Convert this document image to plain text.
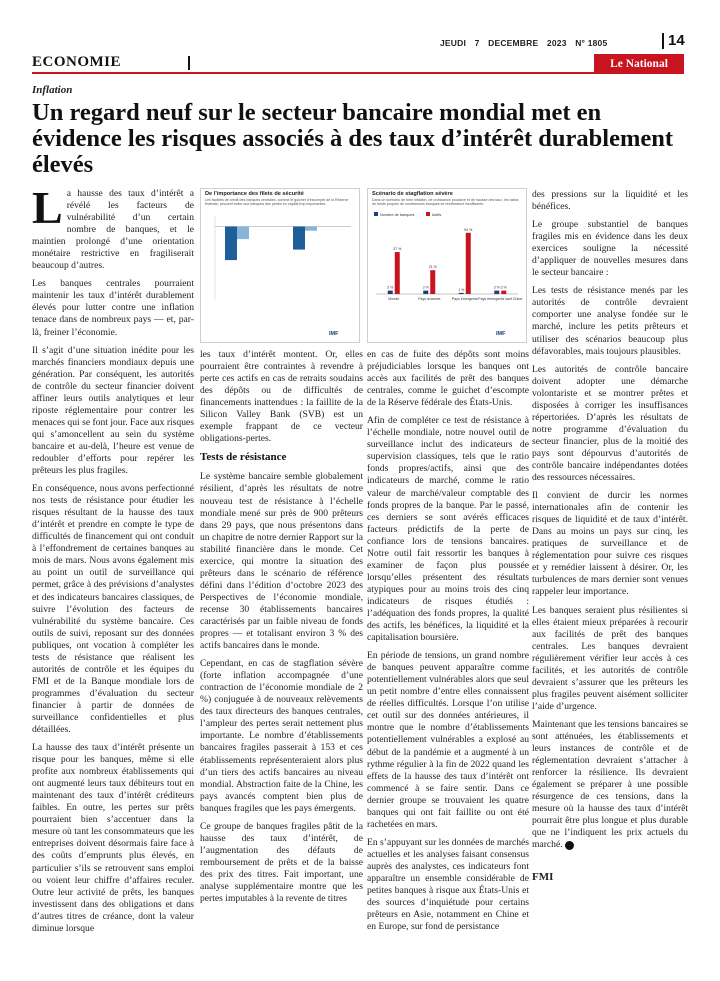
JEUDI 7 DECEMBRE 2023 N° 1805	14
ECONOMIE	Le National
Inflation
Un regard neuf sur le secteur bancaire mondial met en évidence les risques associés à des taux d’intérêt durablement élevés

La hausse des taux d’intérêt a révélé les facteurs de vulnérabilité d’un certain nombre de banques, et le maintien prolongé d’une orientation monétaire restrictive en fragiliserait beaucoup d’autres.

Les banques centrales pourraient maintenir les taux d’intérêt durablement élevés pour lutter contre une inflation tenace dans de nombreux pays — et, par-là, freiner l’économie.

Il s’agit d’une situation inédite pour les marchés financiers mondiaux depuis une génération. Par conséquent, les autorités de contrôle du secteur financier doivent affiner leurs outils analytiques et leur riposte réglementaire pour contrer les menaces qui se font jour. Face aux risques qui s’amoncellent au sein du système bancaire et au-delà, l’heure est venue de redoubler d’efforts pour repérer les prêteurs les plus fragiles.

En conséquence, nous avons perfectionné nos tests de résistance pour étudier les risques résultant de la hausse des taux d’intérêt et prendre en compte le type de difficultés de financement qui ont conduit à l’effondrement de certaines banques au mois de mars. Nous avons également mis au point un outil de surveillance qui permet, grâce à des prévisions d’analystes et des indicateurs bancaires classiques, de suivre l’évolution des facteurs de vulnérabilité du système bancaire. Ces outils de suivi, reposant sur des données publiques, ont vocation à compléter les tests de résistance que réalisent les autorités de contrôle et les équipes du FMI et de la Banque mondiale lors de programmes d’évaluation du secteur financier à partir de données de surveillance confidentielles et plus détaillées.

La hausse des taux d’intérêt présente un risque pour les banques, même si elle profite aux nombreux établissements qui ont augmenté leurs taux débiteurs tout en maintenant des taux d’intérêt créditeurs faibles. En outre, les pertes sur prêts pourraient bien s’accentuer dans la mesure où tant les consommateurs que les entreprises doivent désormais faire face à des coûts d’emprunts plus élevés, en particulier s’ils se retrouvent sans emploi ou voient leur chiffre d’affaires reculer. Outre leur activité de prêts, les banques investissent dans des obligations et dans d’autres titres de créance, dont la valeur diminue lorsque

De l’importance des filets de sécurité
Les facilités de crédit des banques centrales, comme le guichet d’escompte de la Réserve fédérale, peuvent éviter aux banques des pertes en capital trop importantes.
IMF

les taux d’intérêt montent. Or, elles pourraient être contraintes à revendre à perte ces actifs en cas de retraits soudains des dépôts ou de difficultés de financements inattendues : la faillite de la Silicon Valley Bank (SVB) est un exemple frappant de ce vecteur obligations-pertes.

Tests de résistance

Le système bancaire semble globalement résilient, d’après les résultats de notre nouveau test de résistance à l’échelle mondiale mené sur près de 900 prêteurs dans 29 pays, que nous présentons dans un chapitre de notre dernier Rapport sur la stabilité financière dans le monde. Cet exercice, qui montre la situation des prêteurs dans le scénario de référence défini dans l’édition d’octobre 2023 des Perspectives de l’économie mondiale, recense 30 établissements bancaires caractérisés par un faible niveau de fonds propres — et totalisant environ 3 % des actifs bancaires dans le monde.

Cependant, en cas de stagflation sévère (forte inflation accompagnée d’une contraction de l’économie mondiale de 2 %) conjuguée à de nouveaux relèvements des taux directeurs des banques centrales, l’ampleur des pertes serait nettement plus importante. Le nombre d’établissements bancaires fragiles passerait à 153 et ces établissements représenteraient alors plus d’un tiers des actifs bancaires au niveau mondial. Abstraction faite de la Chine, les pays avancés comptent bien plus de banques fragiles que les pays émergents.

Ce groupe de banques fragiles pâtit de la hausse des taux d’intérêt, de l’augmentation des défauts de remboursement de prêts et de la baisse des prix des titres. Fait important, une analyse supplémentaire montre que les pertes imputables à la revente de titres

Scénario de stagflation sévère
Dans un scénario de forte inflation, de croissance poussive et de hausse des taux, les ratios de fonds propres de nombreuses banques se révéleraient insuffisants.
Nombre de banques	Actifs
3 %	3 %
1 %
3 %
37 %
21 %
54 %
3 %
Monde	Pays avancés	Pays émergents Pays émergents sauf Chine
IMF

en cas de fuite des dépôts sont moins préjudiciables lorsque les banques ont accès aux facilités de prêt des banques centrales, comme le guichet d’escompte de la Réserve fédérale des États-Unis.

Afin de compléter ce test de résistance à l’échelle mondiale, notre nouvel outil de surveillance inclut des indicateurs de supervision classiques, tels que le ratio fonds propres/actifs, ainsi que des indicateurs de marché, comme le ratio valeur de marché/valeur comptable des fonds propres de la banque. Par le passé, ces derniers se sont avérés efficaces facteurs prédictifs de la perte de confiance lors de tensions bancaires. Notre outil fait ressortir les banques à examiner de façon plus poussée lorsqu’elles présentent des résultats atypiques pour au moins trois des cinq indicateurs de risques étudiés : l’adéquation des fonds propres, la qualité des actifs, les bénéfices, la liquidité et la capitalisation boursière.

En période de tensions, un grand nombre de banques peuvent apparaître comme potentiellement vulnérables alors que seul un petit nombre d’entre elles connaissent de réelles difficultés. Lorsque l’on utilise cet outil sur des données antérieures, il montre que le nombre d’établissements potentiellement vulnérables a explosé au début de la pandémie et a augmenté à un rythme régulier à la fin de 2022 quand les effets de la hausse des taux d’intérêt ont commencé à se faire sentir. Dans ce dernier groupe se trouvaient les quatre banques qui ont fait faillite ou ont été rachetées en mars.

En s’appuyant sur les données de marchés actuelles et les analyses faisant consensus auprès des analystes, ces indicateurs font apparaître un ensemble considérable de petites banques à risque aux États-Unis et des sources d’inquiétude pour certains prêteurs en Asie, notamment en Chine et en Europe, sur fond de persistance

des pressions sur la liquidité et les bénéfices.

Le groupe substantiel de banques fragiles mis en évidence dans les deux exercices souligne la nécessité d’appliquer de nouvelles mesures dans le secteur bancaire :

Les tests de résistance menés par les autorités de contrôle devraient comporter une analyse fondée sur le marché, inclure les petits prêteurs et utiliser des scénarios beaucoup plus défavorables, mais toujours plausibles.

Les autorités de contrôle bancaire doivent adopter une démarche volontariste et se montrer prêtes et disposées à corriger les insuffisances répertoriées. D’après les résultats de notre programme d’évaluation du secteur financier, plus de la moitié des pays sont dépourvus d’autorités de contrôle bancaire indépendantes dotées des ressources nécessaires.

Il convient de durcir les normes internationales afin de contenir les risques de liquidité et de taux d’intérêt. Dans au moins un pays sur cinq, les pratiques de surveillance et de réglementation pour suivre ces risques et y remédier laissent à désirer. Or, les turbulences de mars dernier sont venues rappeler leur importance.

Les banques seraient plus résilientes si elles étaient mieux préparées à recourir aux facilités de prêt des banques centrales. Les banques devraient régulièrement vérifier leur accès à ces facilités, et les autorités de contrôle devraient s’assurer que les prêteurs les plus fragiles peuvent aisément solliciter l’aide d’urgence.

Maintenant que les tensions bancaires se sont atténuées, les établissements et leurs instances de contrôle et de réglementation devraient s’attacher à renforcer la résilience. Ils devraient également se préparer à une possible résurgence de ces tensions, dans la mesure où la hausse des taux d’intérêt pourrait être plus longue et plus durable que ne l’indiquent les prix actuels du marché.

FMI
